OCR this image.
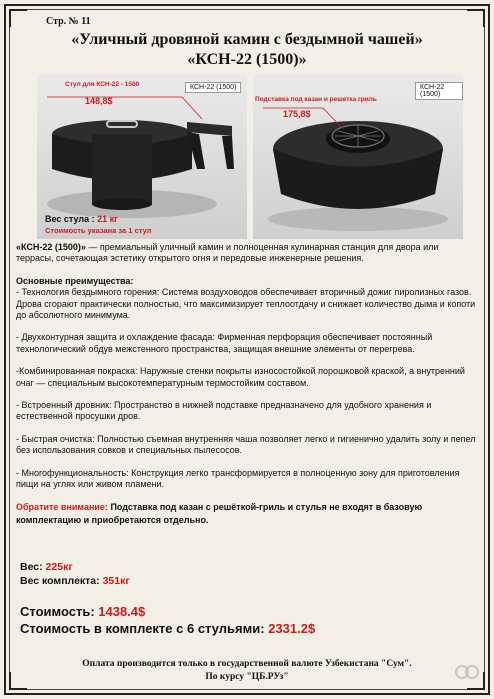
Стр. № 11
«Уличный дровяной камин с бездымной чашей»
«КСН-22 (1500)»
КСН-22 (1500)
Стул для КСН-22 - 1500
148,8$
Вес стула : 21 кг
Стоимость указана за 1 стул
КСН-22 (1500)
Подставка под казан и решетка гриль
175,8$

«КСН-22 (1500)» — премиальный уличный камин и полноценная кулинарная станция для двора или террасы, сочетающая эстетику открытого огня и передовые инженерные решения.

Основные преимущества:

- Технология бездымного горения: Система воздуховодов обеспечивает вторичный дожиг пиролизных газов. Дрова сгорают практически полностью, что максимизирует теплоотдачу и снижает количество дыма и копоти до абсолютного минимума.

- Двухконтурная защита и охлаждение фасада: Фирменная перфорация обеспечивает постоянный технологический обдув межстенного пространства, защищая внешние элементы от перегрева.

-Комбинированная покраска: Наружные стенки покрыты износостойкой порошковой краской, а внутренний очаг — специальным высокотемпературным термостойким составом.

- Встроенный дровник: Пространство в нижней подставке предназначено для удобного хранения и естественной просушки дров.

- Быстрая очистка: Полностью съемная внутренняя чаша позволяет легко и гигиенично удалить золу и пепел без использования совков и специальных пылесосов.

- Многофункциональность: Конструкция легко трансформируется в полноценную зону для приготовления пищи на углях или живом пламени.

Обратите внимание: Подставка под казан с решёткой-гриль и стулья не входят в базовую комплектацию и приобретаются отдельно.
Вес: 225кг
Вес комплекта: 351кг
Стоимость: 1438.4$
Стоимость в комплекте с 6 стульями: 2331.2$
Оплата производится только в государственной валюте Узбекистана "Сум".
По курсу "ЦБ.РУз"
